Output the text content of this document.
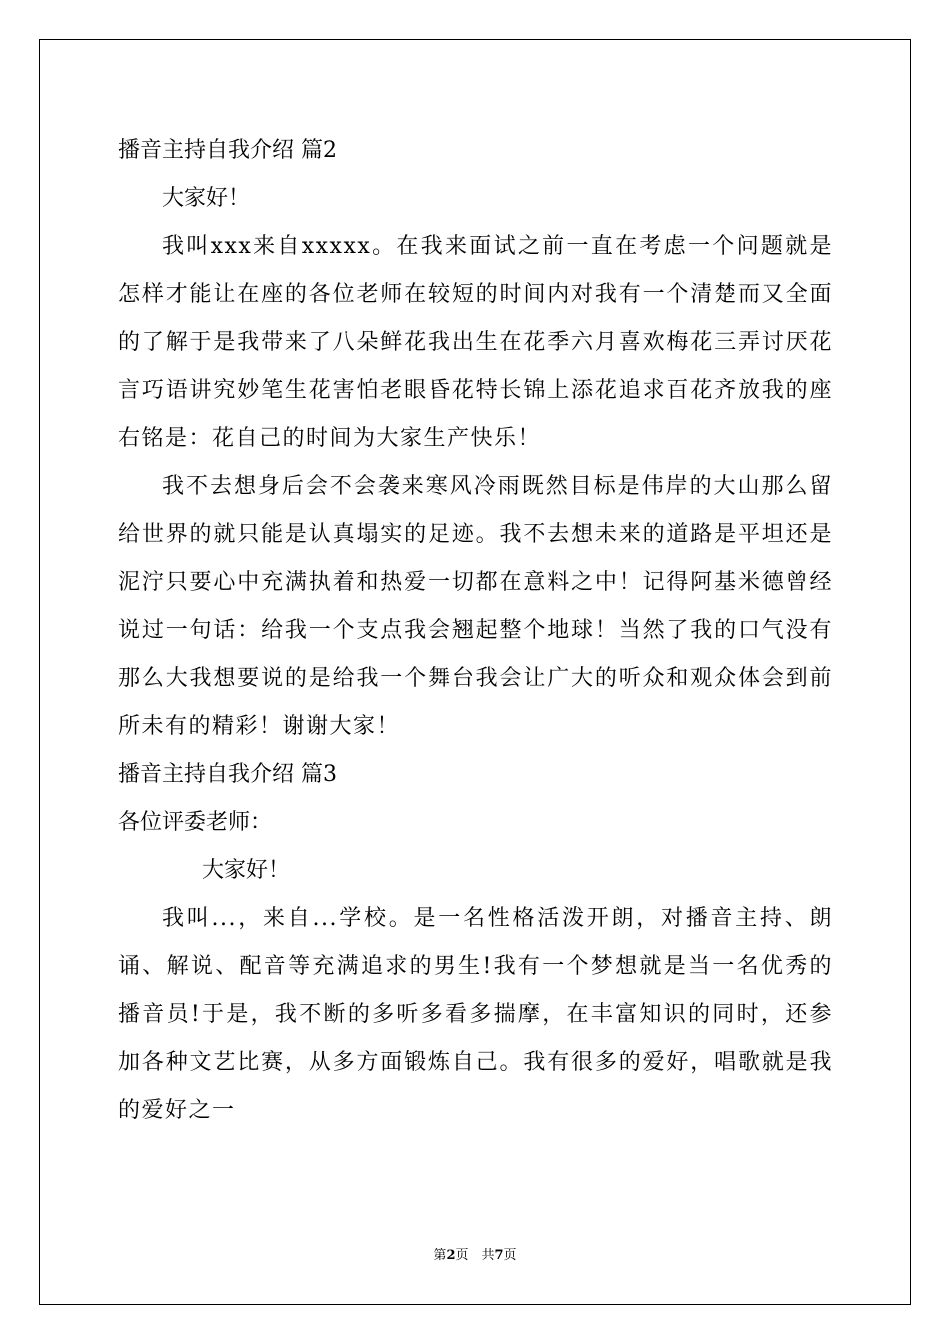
播音主持自我介绍 篇2
大家好！

我叫xxx来自xxxxx。在我来面试之前一直在考虑一个问题就是怎样才能让在座的各位老师在较短的时间内对我有一个清楚而又全面的了解于是我带来了八朵鲜花我出生在花季六月喜欢梅花三弄讨厌花言巧语讲究妙笔生花害怕老眼昏花特长锦上添花追求百花齐放我的座右铭是：花自己的时间为大家生产快乐！

我不去想身后会不会袭来寒风冷雨既然目标是伟岸的大山那么留给世界的就只能是认真塌实的足迹。我不去想未来的道路是平坦还是泥泞只要心中充满执着和热爱一切都在意料之中！记得阿基米德曾经说过一句话：给我一个支点我会翘起整个地球！当然了我的口气没有那么大我想要说的是给我一个舞台我会让广大的听众和观众体会到前所未有的精彩！谢谢大家！

播音主持自我介绍 篇3
各位评委老师：
大家好！

我叫...，来自...学校。是一名性格活泼开朗，对播音主持、朗诵、解说、配音等充满追求的男生!我有一个梦想就是当一名优秀的播音员!于是，我不断的多听多看多揣摩，在丰富知识的同时，还参加各种文艺比赛，从多方面锻炼自己。我有很多的爱好，唱歌就是我的爱好之一

第2页　共7页
